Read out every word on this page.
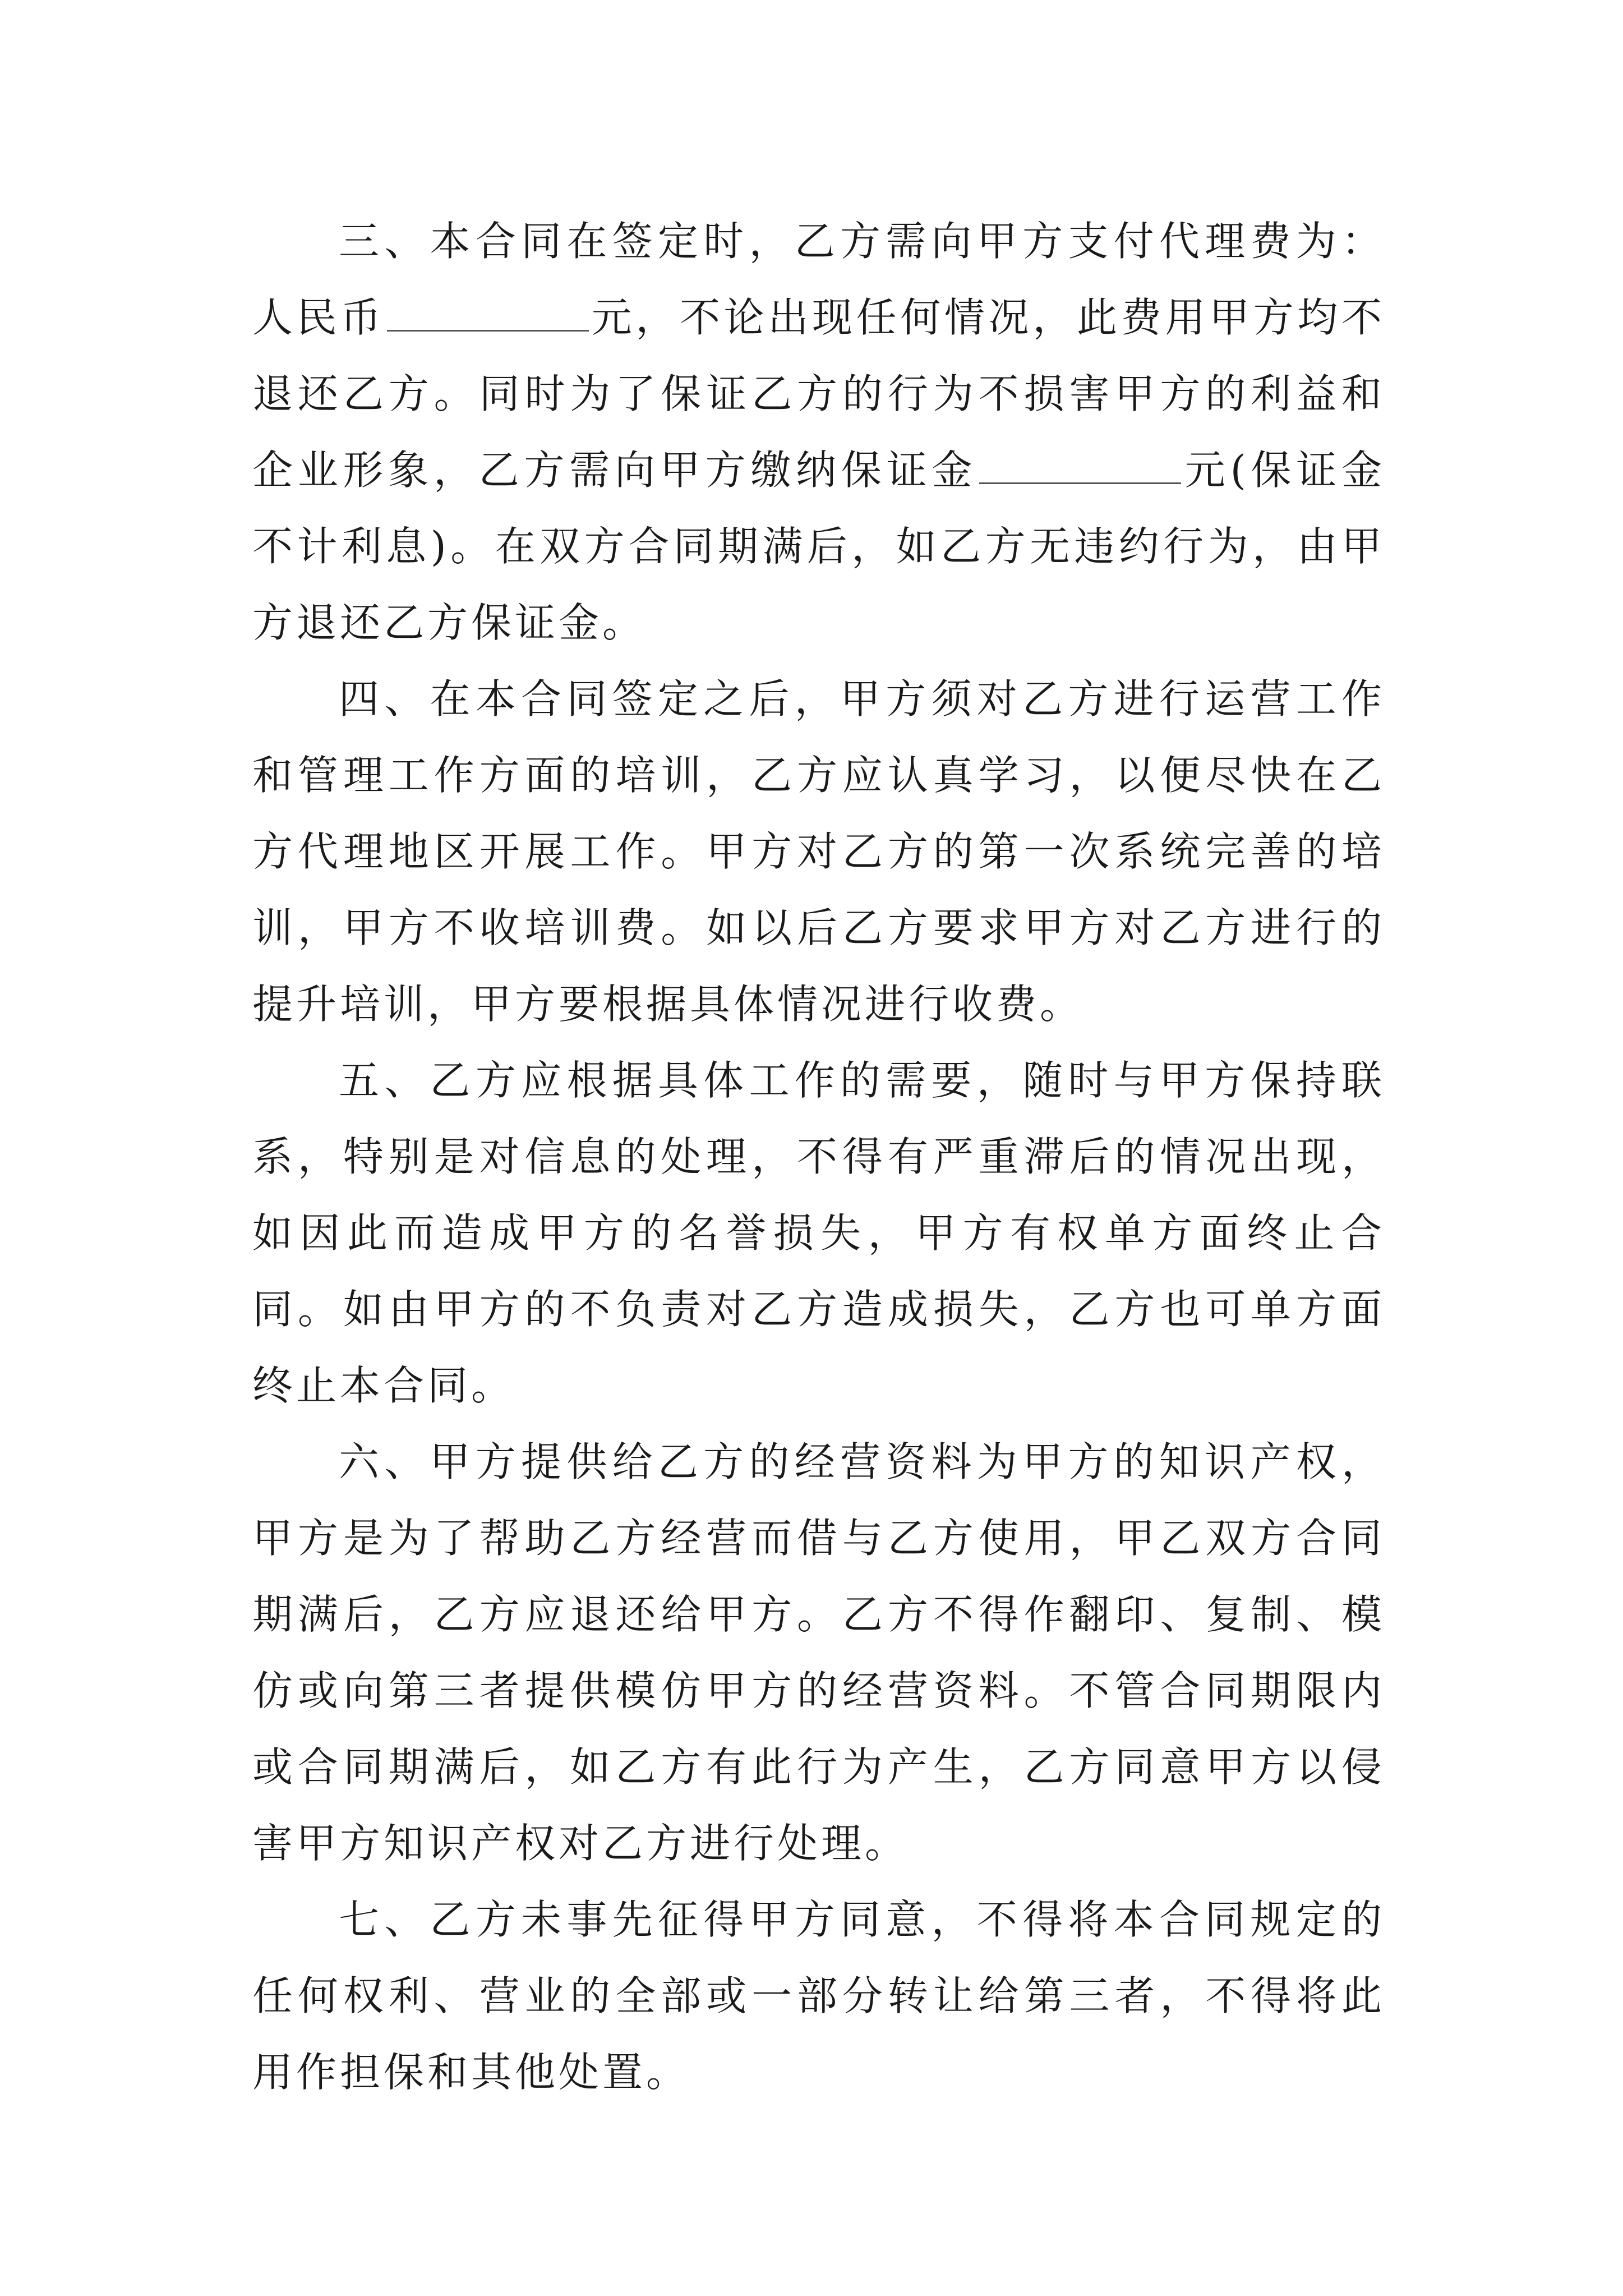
三、本合同在签定时，乙方需向甲方支付代理费为：人民币	元，不论出现任何情况，此费用甲方均不退还乙方。同时为了保证乙方的行为不损害甲方的利益和企业形象，乙方需向甲方缴纳保证金	元(保证金不计利息)。在双方合同期满后，如乙方无违约行为，由甲方退还乙方保证金。

四、在本合同签定之后，甲方须对乙方进行运营工作和管理工作方面的培训，乙方应认真学习，以便尽快在乙方代理地区开展工作。甲方对乙方的第一次系统完善的培训，甲方不收培训费。如以后乙方要求甲方对乙方进行的提升培训，甲方要根据具体情况进行收费。

五、乙方应根据具体工作的需要，随时与甲方保持联系，特别是对信息的处理，不得有严重滞后的情况出现，如因此而造成甲方的名誉损失，甲方有权单方面终止合同。如由甲方的不负责对乙方造成损失，乙方也可单方面终止本合同。

六、甲方提供给乙方的经营资料为甲方的知识产权，甲方是为了帮助乙方经营而借与乙方使用，甲乙双方合同期满后，乙方应退还给甲方。乙方不得作翻印、复制、模仿或向第三者提供模仿甲方的经营资料。不管合同期限内或合同期满后，如乙方有此行为产生，乙方同意甲方以侵害甲方知识产权对乙方进行处理。

七、乙方未事先征得甲方同意，不得将本合同规定的任何权利、营业的全部或一部分转让给第三者，不得将此用作担保和其他处置。
